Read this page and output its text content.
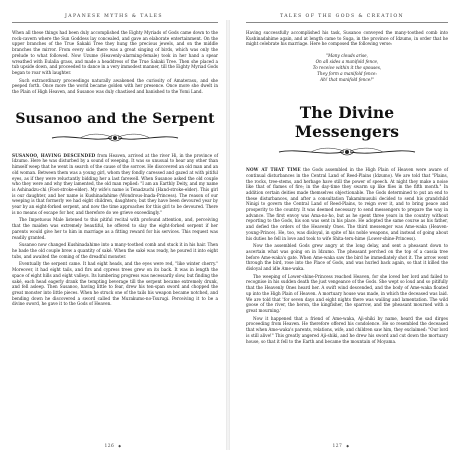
JAPANESE MYTHS & TALES

When all these things had been duly accomplished the Eighty Myriads of Gods came down to the rock-cavern where the Sun Goddess lay concealed, and gave an elaborate entertainment. On the upper branches of the True Sakaki Tree they hung the precious jewels, and on the middle branches the mirror. From every side there was a great singing of birds, which was only the prelude to what followed. Now Uzume (Heavenly-alarming-female) took in her hand a spear wreathed with Eulalia grass, and made a headdress of the True Sakaki Tree. Then she placed a tub upside down, and proceeded to dance in a very immodest manner, till the Eighty Myriad Gods began to roar with laughter.

Such extraordinary proceedings naturally awakened the curiosity of Amaterasu, and she peeped forth. Once more the world became golden with her presence. Once more she dwelt in the Plain of High Heaven, and Susanoo was duly chastised and banished to the Yomi Land.

Susanoo and the Serpent

SUSANOO, HAVING DESCENDED from Heaven, arrived at the river Hi, in the province of Idzumo. Here he was disturbed by a sound of weeping. It was so unusual to hear any other than himself weep that he went in search of the cause of the sorrow. He discovered an old man and an old woman. Between them was a young girl, whom they fondly caressed and gazed at with pitiful eyes, as if they were reluctantly bidding her a last farewell. When Susanoo asked the old couple who they were and why they lamented, the old man replied: "I am an Earthly Deity, and my name is Ashinadzu-chi (Foot-stroke-elder). My wife's name is Tenadzuchi (Hand-stroke-elder). This girl is our daughter, and her name is Kushinadahime (Wondrous-Inada-Princess). The reason of our weeping is that formerly we had eight children, daughters; but they have been devoured year by year by an eight-forked serpent, and now the time approaches for this girl to be devoured. There is no means of escape for her, and therefore do we grieve exceedingly."

The Impetuous Male listened to this pitiful recital with profound attention, and, perceiving that the maiden was extremely beautiful, he offered to slay the eight-forked serpent if her parents would give her to him in marriage as a fitting reward for his services. This request was readily granted.

Susanoo now changed Kushinadahime into a many-toothed comb and stuck it in his hair. Then he bade the old couple brew a quantity of saké. When the saké was ready, he poured it into eight tubs, and awaited the coming of the dreadful monster.

Eventually the serpent came. It had eight heads, and the eyes were red, "like winter cherry." Moreover, it had eight tails, and firs and cypress trees grew on its back. It was in length the space of eight hills and eight valleys. Its lumbering progress was necessarily slow, but finding the saké, each head eagerly drank the tempting beverage till the serpent became extremely drunk, and fell asleep. Then Susanoo, having little to fear, drew his ten-span sword and chopped the great monster into little pieces. When he struck one of the tails his weapon became notched, and bending down he discovered a sword called the Murakumo-no-Tsurugi. Perceiving it to be a divine sword, he gave it to the Gods of Heaven.

126 ◆
TALES OF THE GODS & CREATION

Having successfully accomplished his task, Susanoo conveyed the many-toothed comb into Kushinadahime again, and at length came to Suga, in the province of Idzumo, in order that he might celebrate his marriage. Here he composed the following verse:

"Many clouds arise,
On all sides a manifold fence,
To receive within it the spouses,
They form a manifold fence:
Ah! that manifold fence!"
The Divine Messengers

NOW AT THAT TIME the Gods assembled in the High Plain of Heaven were aware of continual disturbances in the Central Land of Reed-Plains (Idzumo). We are told that "Plains, the rocks, tree-stems, and herbage have still the power of speech. At night they make a noise like that of flames of fire; in the day-time they swarm up like flies in the fifth month." In addition certain deities made themselves objectionable. The Gods determined to put an end to these disturbances, and after a consultation Takamimusubi decided to send his grandchild Ninigi to govern the Central Land of Reed-Plains, to reign over it, and to bring peace and prosperity to the country. It was deemed necessary to send messengers to prepare the way in advance. The first envoy was Ama-no-ho, but as he spent three years in the country without reporting to the Gods, his son was sent in his place. He adopted the same course as his father, and defied the orders of the Heavenly Ones. The third messenger was Ame-waka (Heaven-young-Prince). He, too, was disloyal, in spite of his noble weapons, and instead of going about his duties he fell in love and took to wife Shita-teru-hime (Lower-shine-Princess).

Now the assembled Gods grew angry at the long delay, and sent a pheasant down to ascertain what was going on in Idzumo. The pheasant perched on the top of a cassia tree before Ame-waka's gate. When Ame-waka saw the bird he immediately shot it. The arrow went through the bird, rose into the Place of Gods, and was hurled back again, so that it killed the disloyal and idle Ame-waka.

The weeping of Lower-shine-Princess reached Heaven, for she loved her lord and failed to recognise in his sudden death the just vengeance of the Gods. She wept so loud and so pitifully that the Heavenly Ones heard her. A swift wind descended, and the body of Ame-waka floated up into the High Plain of Heaven. A mortuary house was made, in which the deceased was laid. We are told that 'for seven days and eight nights there was wailing and lamentation. The wild goose of the river, the heron, the kingfisher, the sparrow, and the pheasant mourned with a great mourning.'

Now it happened that a friend of Ame-waka, Aji-shiki by name, heard the sad dirges proceeding from Heaven. He therefore offered his condolence. He so resembled the deceased that when Ame-waka's parents, relations, wife, and children saw him, they exclaimed: "Our lord is still alive!" This greatly angered Aji-shiki, and he drew his sword and cut down the mortuary house, so that it fell to the Earth and became the mountain of Moyama.

127 ◆
